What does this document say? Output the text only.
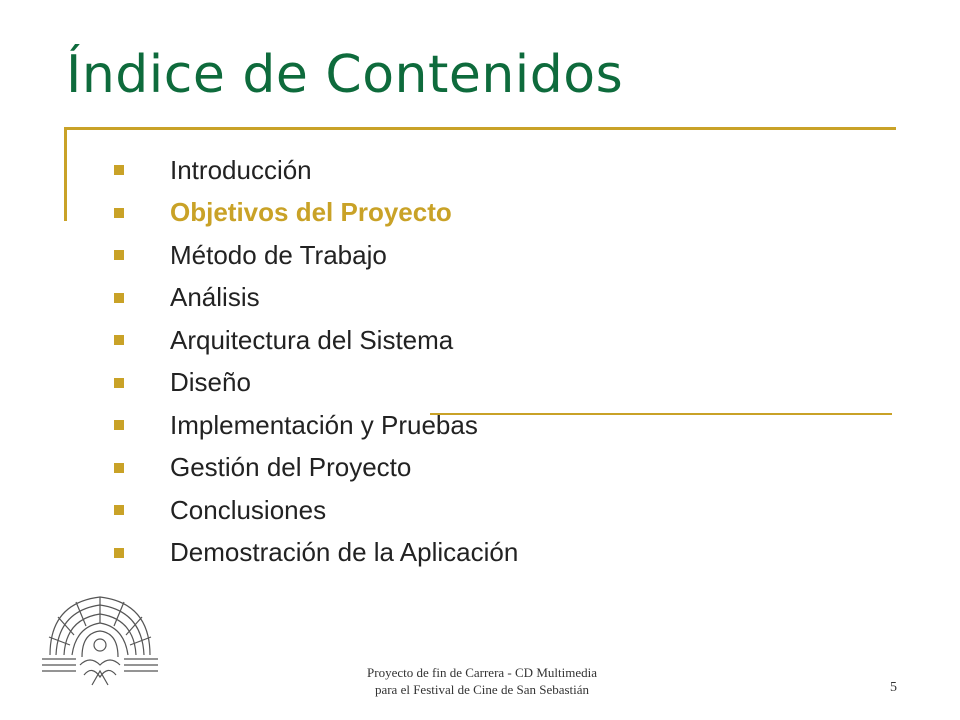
Índice de Contenidos
Introducción
Objetivos del Proyecto
Método de Trabajo
Análisis
Arquitectura del Sistema
Diseño
Implementación y Pruebas
Gestión del Proyecto
Conclusiones
Demostración de la Aplicación
Proyecto de fin de Carrera - CD Multimedia
para el Festival de Cine de San Sebastián	5
